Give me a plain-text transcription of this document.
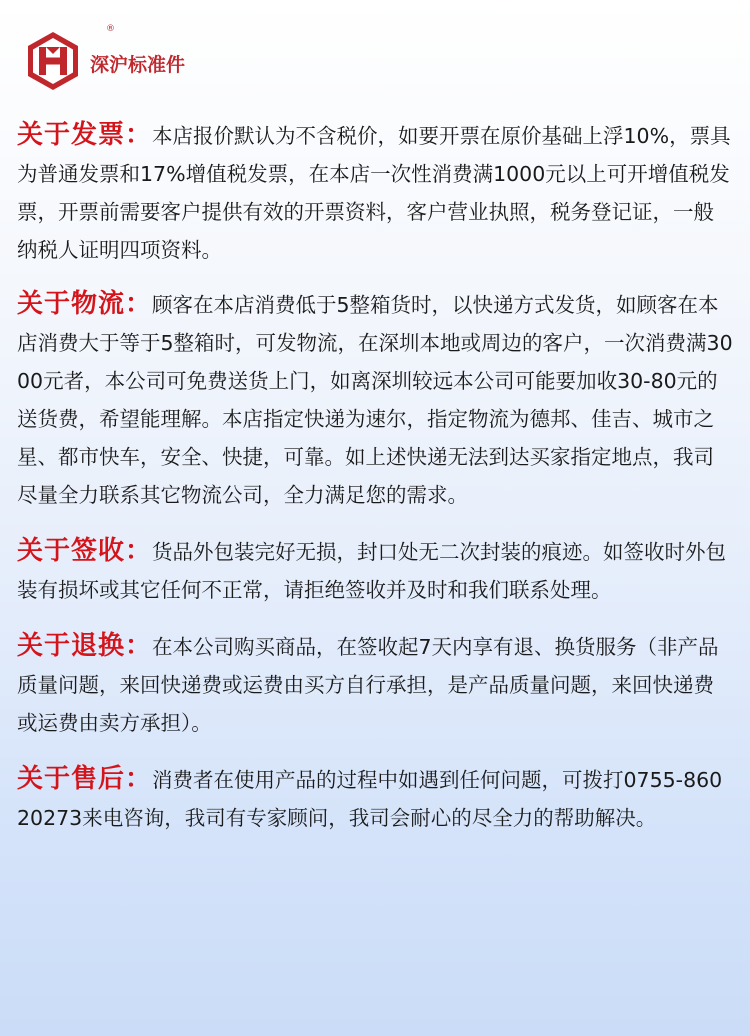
®
深沪标准件
关于发票：本店报价默认为不含税价，如要开票在原价基础上浮10%，票具为普通发票和17%增值税发票，在本店一次性消费满1000元以上可开增值税发票，开票前需要客户提供有效的开票资料，客户营业执照，税务登记证，一般纳税人证明四项资料。
关于物流：顾客在本店消费低于5整箱货时，以快递方式发货，如顾客在本店消费大于等于5整箱时，可发物流，在深圳本地或周边的客户，一次消费满3000元者，本公司可免费送货上门，如离深圳较远本公司可能要加收30-80元的送货费，希望能理解。本店指定快递为速尔，指定物流为德邦、佳吉、城市之星、都市快车，安全、快捷，可靠。如上述快递无法到达买家指定地点，我司尽量全力联系其它物流公司，全力满足您的需求。
关于签收：货品外包装完好无损，封口处无二次封装的痕迹。如签收时外包装有损坏或其它任何不正常，请拒绝签收并及时和我们联系处理。
关于退换：在本公司购买商品，在签收起7天内享有退、换货服务（非产品质量问题，来回快递费或运费由买方自行承担，是产品质量问题，来回快递费或运费由卖方承担）。
关于售后：消费者在使用产品的过程中如遇到任何问题，可拨打0755-86020273来电咨询，我司有专家顾问，我司会耐心的尽全力的帮助解决。
